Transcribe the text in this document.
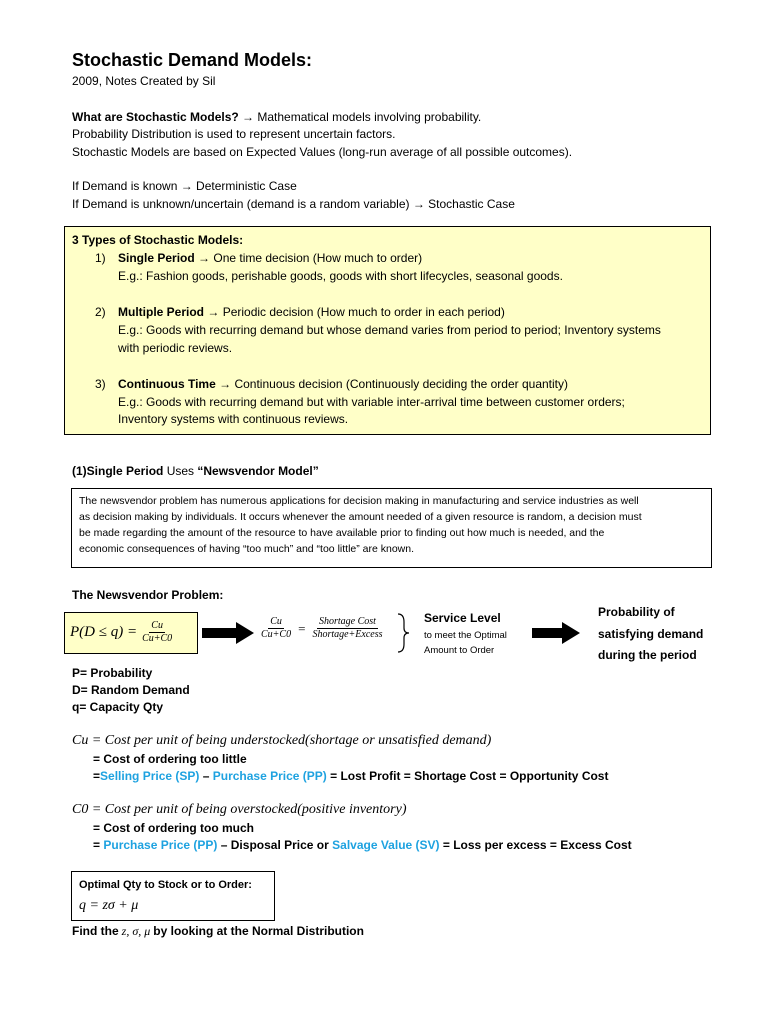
Stochastic Demand Models:
2009, Notes Created by Sil
What are Stochastic Models? → Mathematical models involving probability.
Probability Distribution is used to represent uncertain factors.
Stochastic Models are based on Expected Values (long-run average of all possible outcomes).
If Demand is known → Deterministic Case
If Demand is unknown/uncertain (demand is a random variable) → Stochastic Case
3 Types of Stochastic Models:
1) Single Period → One time decision (How much to order)
E.g.: Fashion goods, perishable goods, goods with short lifecycles, seasonal goods.
2) Multiple Period → Periodic decision (How much to order in each period)
E.g.: Goods with recurring demand but whose demand varies from period to period; Inventory systems
with periodic reviews.
3) Continuous Time → Continuous decision (Continuously deciding the order quantity)
E.g.: Goods with recurring demand but with variable inter-arrival time between customer orders;
Inventory systems with continuous reviews.
(1)Single Period Uses “Newsvendor Model”
The newsvendor problem has numerous applications for decision making in manufacturing and service industries as well
as decision making by individuals. It occurs whenever the amount needed of a given resource is random, a decision must
be made regarding the amount of the resource to have available prior to finding out how much is needed, and the
economic consequences of having “too much” and “too little” are known.
The Newsvendor Problem:
$P(D \le q) = \frac{Cu}{Cu+C0}$	$\frac{Cu}{Cu+C0} = \frac{\text{Shortage Cost}}{\text{Shortage+Excess}}$	Service Level
to meet the Optimal
Amount to Order
Probability of
satisfying demand
during the period
P= Probability
D= Random Demand
q= Capacity Qty
Cu = Cost per unit of being understocked(shortage or unsatisfied demand)
= Cost of ordering too little
=Selling Price (SP) – Purchase Price (PP) = Lost Profit = Shortage Cost = Opportunity Cost
C0 = Cost per unit of being overstocked(positive inventory)
= Cost of ordering too much
= Purchase Price (PP) – Disposal Price or Salvage Value (SV) = Loss per excess = Excess Cost
Optimal Qty to Stock or to Order:
q = zσ + μ
Find the z, σ, μ by looking at the Normal Distribution
